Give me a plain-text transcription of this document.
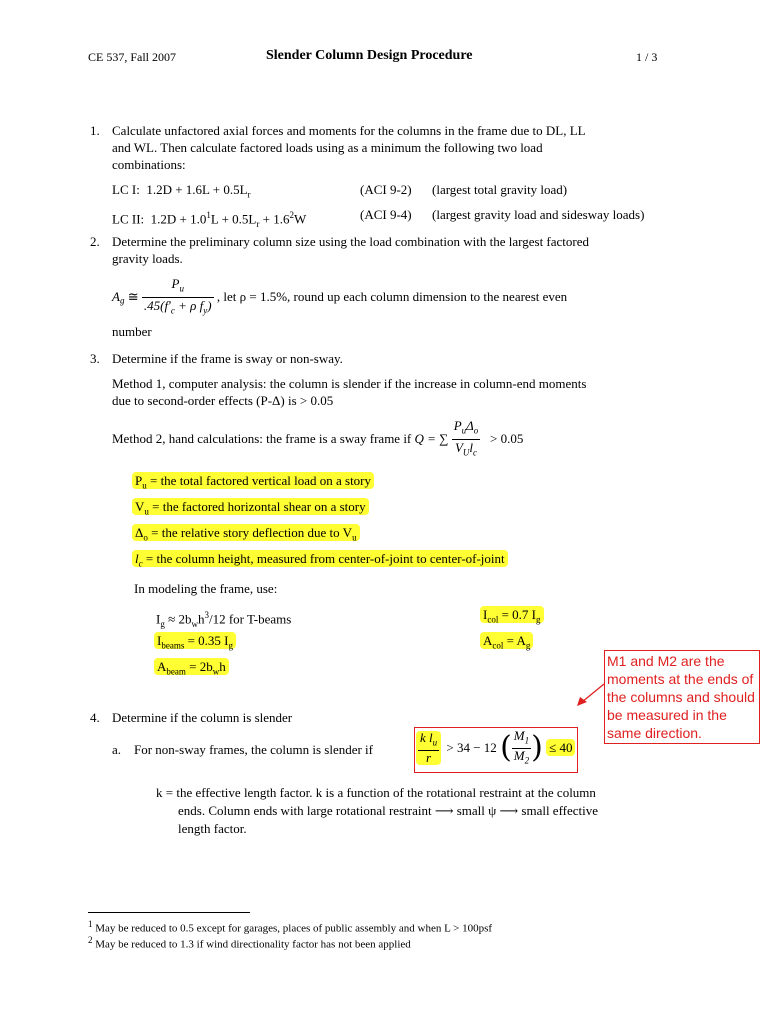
CE 537, Fall 2007	Slender Column Design Procedure	1 / 3
1. Calculate unfactored axial forces and moments for the columns in the frame due to DL, LL
and WL. Then calculate factored loads using as a minimum the following two load
combinations:
LC I: $1.2D + 1.6L + 0.5L_r$	(ACI 9-2) (largest total gravity load)
LC II: $1.2D + 1.0^1L + 0.5L_r + 1.6^2W$	(ACI 9-4) (largest gravity load and sidesway loads)
2. Determine the preliminary column size using the load combination with the largest factored
gravity loads.
$A_g$ ≅ $\frac{P_u}{.45(f'_c + \rho f_y)}$ , let ρ = 1.5%, round up each column dimension to the nearest even
number
3. Determine if the frame is sway or non-sway.
Method 1, computer analysis: the column is slender if the increase in column-end moments
due to second-order effects (P-Δ) is > 0.05
Method 2, hand calculations: the frame is a sway frame if Q = ∑ $\frac{P_u\Delta_o}{V_Ul_c} > 0.05$
$P_u$ = the total factored vertical load on a story
$V_u$ = the factored horizontal shear on a story
$\Delta_o$ = the relative story deflection due to $V_u$
$l_c$ = the column height, measured from center-of-joint to center-of-joint
In modeling the frame, use:
$I_g \approx 2b_wh^3/12$ for T-beams	$I_{col} = 0.7$ $I_g$
$I_{beams} = 0.35$ $I_g$	$A_{col} = A_g$
$A_{beam} = 2b_wh$	M1 and M2 are the moments at the ends of the columns and should be measured in the same direction.
4. Determine if the column is slender
a. For non-sway frames, the column is slender if	$\frac{k l_u}{r} > 34 - 12$ ( $\frac{M_1}{M_2}$ ) ≤ 40
k = the effective length factor. k is a function of the rotational restraint at the column
ends. Column ends with large rotational restraint ⟶ small ψ ⟶ small effective
length factor.
$^1$ May be reduced to 0.5 except for garages, places of public assembly and when L > 100psf
$^2$ May be reduced to 1.3 if wind directionality factor has not been applied
